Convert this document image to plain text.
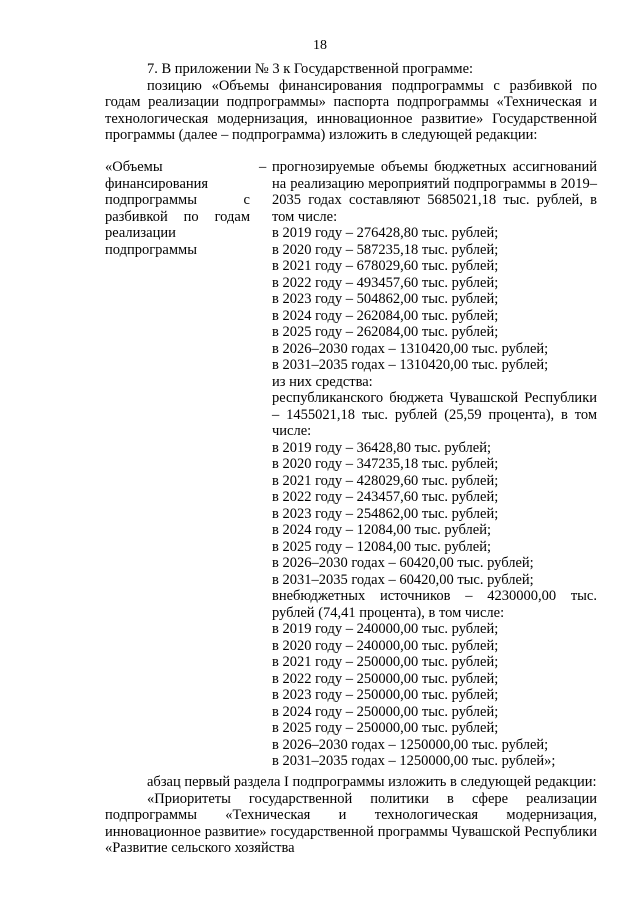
18

7. В приложении № 3 к Государственной программе:
позицию «Объемы финансирования подпрограммы с разбивкой по годам реализации подпрограммы» паспорта подпрограммы «Техническая и технологическая модернизация, инновационное развитие» Государственной программы (далее – подпрограмма) изложить в следующей редакции:

«Объемы финансирования подпрограммы с разбивкой по годам реализации подпрограммы
– прогнозируемые объемы бюджетных ассигнований на реализацию мероприятий подпрограммы в 2019–2035 годах составляют 5685021,18 тыс. рублей, в том числе:
в 2019 году – 276428,80 тыс. рублей;
в 2020 году – 587235,18 тыс. рублей;
в 2021 году – 678029,60 тыс. рублей;
в 2022 году – 493457,60 тыс. рублей;
в 2023 году – 504862,00 тыс. рублей;
в 2024 году – 262084,00 тыс. рублей;
в 2025 году – 262084,00 тыс. рублей;
в 2026–2030 годах – 1310420,00 тыс. рублей;
в 2031–2035 годах – 1310420,00 тыс. рублей;
из них средства:
республиканского бюджета Чувашской Республики – 1455021,18 тыс. рублей (25,59 процента), в том числе:
в 2019 году – 36428,80 тыс. рублей;
в 2020 году – 347235,18 тыс. рублей;
в 2021 году – 428029,60 тыс. рублей;
в 2022 году – 243457,60 тыс. рублей;
в 2023 году – 254862,00 тыс. рублей;
в 2024 году – 12084,00 тыс. рублей;
в 2025 году – 12084,00 тыс. рублей;
в 2026–2030 годах – 60420,00 тыс. рублей;
в 2031–2035 годах – 60420,00 тыс. рублей;
внебюджетных источников – 4230000,00 тыс. рублей (74,41 процента), в том числе:
в 2019 году – 240000,00 тыс. рублей;
в 2020 году – 240000,00 тыс. рублей;
в 2021 году – 250000,00 тыс. рублей;
в 2022 году – 250000,00 тыс. рублей;
в 2023 году – 250000,00 тыс. рублей;
в 2024 году – 250000,00 тыс. рублей;
в 2025 году – 250000,00 тыс. рублей;
в 2026–2030 годах – 1250000,00 тыс. рублей;
в 2031–2035 годах – 1250000,00 тыс. рублей»;

абзац первый раздела I подпрограммы изложить в следующей редакции:

«Приоритеты государственной политики в сфере реализации подпрограммы «Техническая и технологическая модернизация, инновационное развитие» государственной программы Чувашской Республики «Развитие сельского хозяйства
